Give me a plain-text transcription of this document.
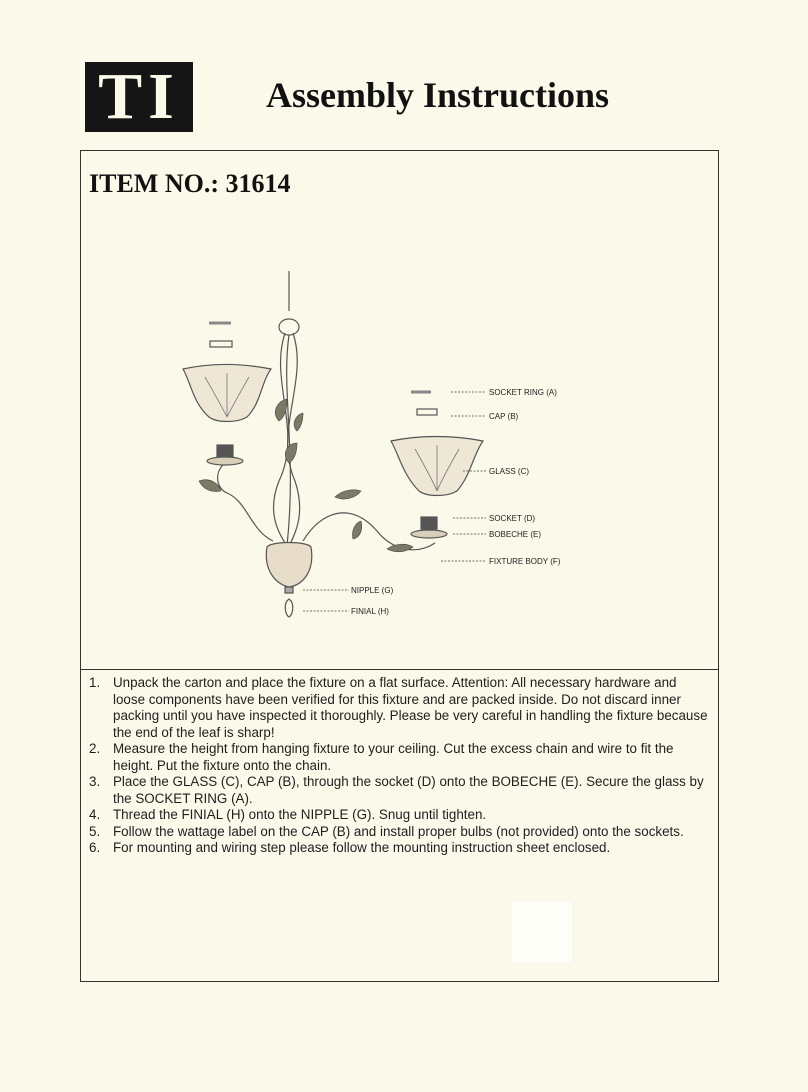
TI Assembly Instructions
ITEM NO.: 31614
SOCKET RING (A)
CAP (B)
GLASS (C)
SOCKET (D)
BOBECHE (E)
FIXTURE BODY (F)
NIPPLE (G)
FINIAL (H)
1. Unpack the carton and place the fixture on a flat surface. Attention: All necessary hardware and loose components have been verified for this fixture and are packed inside. Do not discard inner packing until you have inspected it thoroughly. Please be very careful in handling the fixture because the end of the leaf is sharp!
2. Measure the height from hanging fixture to your ceiling. Cut the excess chain and wire to fit the height. Put the fixture onto the chain.
3. Place the GLASS (C), CAP (B), through the socket (D) onto the BOBECHE (E). Secure the glass by the SOCKET RING (A).
4. Thread the FINIAL (H) onto the NIPPLE (G). Snug until tighten.
5. Follow the wattage label on the CAP (B) and install proper bulbs (not provided) onto the sockets.
6. For mounting and wiring step please follow the mounting instruction sheet enclosed.
